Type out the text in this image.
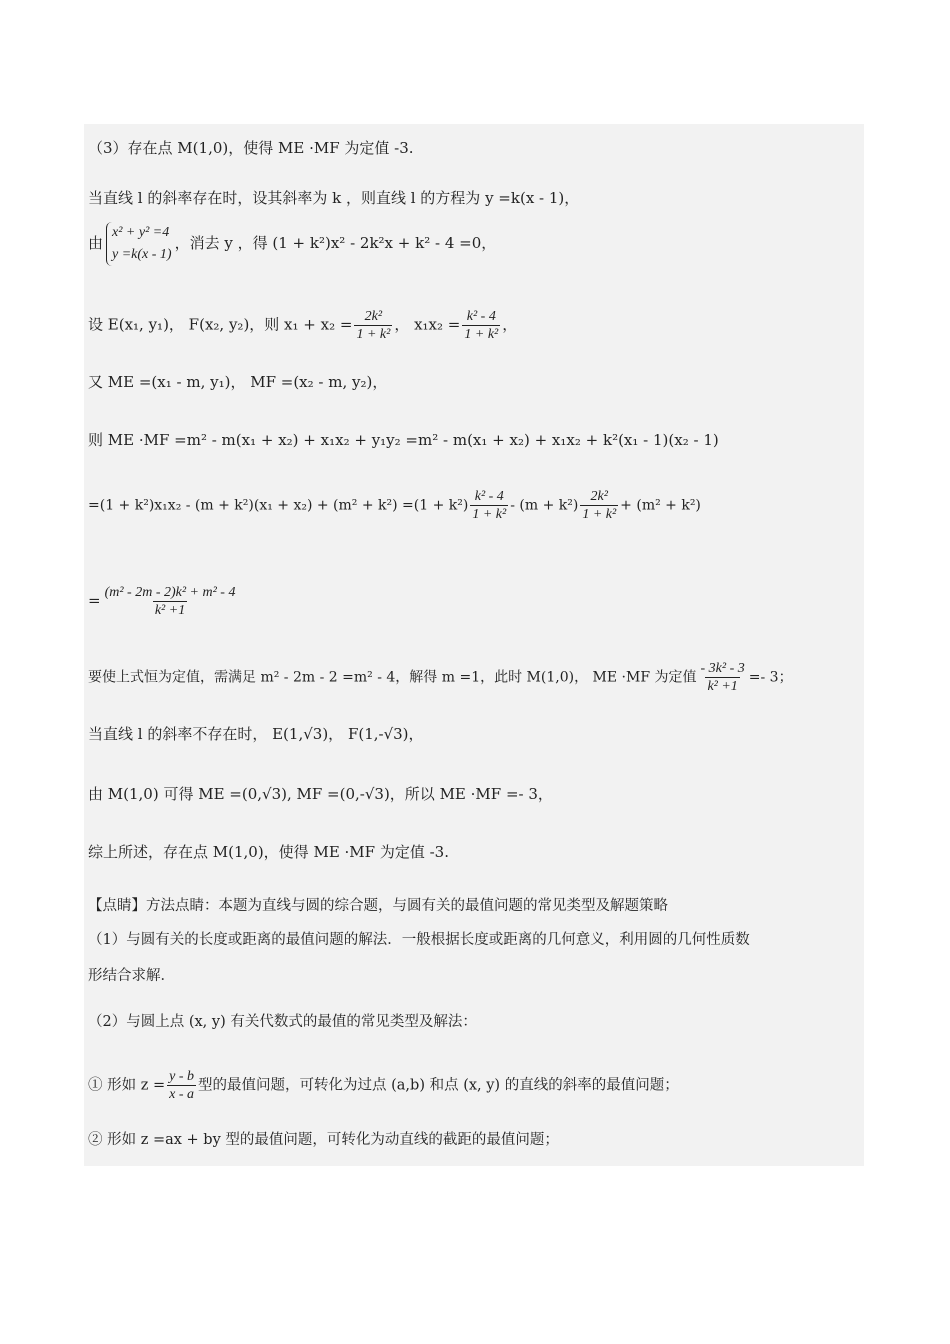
（3）存在点 M(1,0)，使得 ME ·MF 为定值 -3.
当直线 l 的斜率存在时，设其斜率为 k ，则直线 l 的方程为 y =k(x - 1)，
由
x² + y² =4
y =k(x - 1)
，消去 y ，得 (1 + k²)x² - 2k²x + k² - 4 =0，
设 E(x₁, y₁)， F(x₂, y₂)，则 $x_1 + x_2 = \frac{\text{2k²}}{\text{1 + k²}}$ ， $x_1x_2 = \frac{\text{k² - 4}}{\text{1 + k²}}$ ，
又 ME =(x₁ - m, y₁)， MF =(x₂ - m, y₂)，
则 ME ·MF =m² - m(x₁ + x₂) + x₁x₂ + y₁y₂ =m² - m(x₁ + x₂) + x₁x₂ + k²(x₁ - 1)(x₂ - 1)
$=(1 + k^2)x_1x_2 - (m + k^2)(x_1 + x_2) + (m^2 + k^2) =(1 + k^2) \frac{\text{k² - 4}}{\text{1 + k²}} - (m + k^2) \frac{\text{2k²}}{\text{1 + k²}} + (m^2 + k^2)$
= $\frac{\text{(m² - 2m - 2)k² + m² - 4}}{\text{k² +1}}$
要使上式恒为定值，需满足 m² - 2m - 2 =m² - 4，解得 m =1，此时 M(1,0)， ME ·MF 为定值 $\frac{\text{- 3k² - 3}}{\text{k² +1}} =- 3$；
当直线 l 的斜率不存在时， E(1,√3)， F(1,-√3)，
由 M(1,0) 可得 ME =(0,√3), MF =(0,-√3)，所以 ME ·MF =- 3，
综上所述，存在点 M(1,0)，使得 ME ·MF 为定值 -3.
【点睛】方法点睛：本题为直线与圆的综合题，与圆有关的最值问题的常见类型及解题策略
（1）与圆有关的长度或距离的最值问题的解法．一般根据长度或距离的几何意义，利用圆的几何性质数
形结合求解．
（2）与圆上点 (x, y) 有关代数式的最值的常见类型及解法：
① 形如 $z = \frac{y - b}{x - a}$ 型的最值问题，可转化为过点 (a,b) 和点 (x, y) 的直线的斜率的最值问题；
② 形如 z =ax + by 型的最值问题，可转化为动直线的截距的最值问题；
